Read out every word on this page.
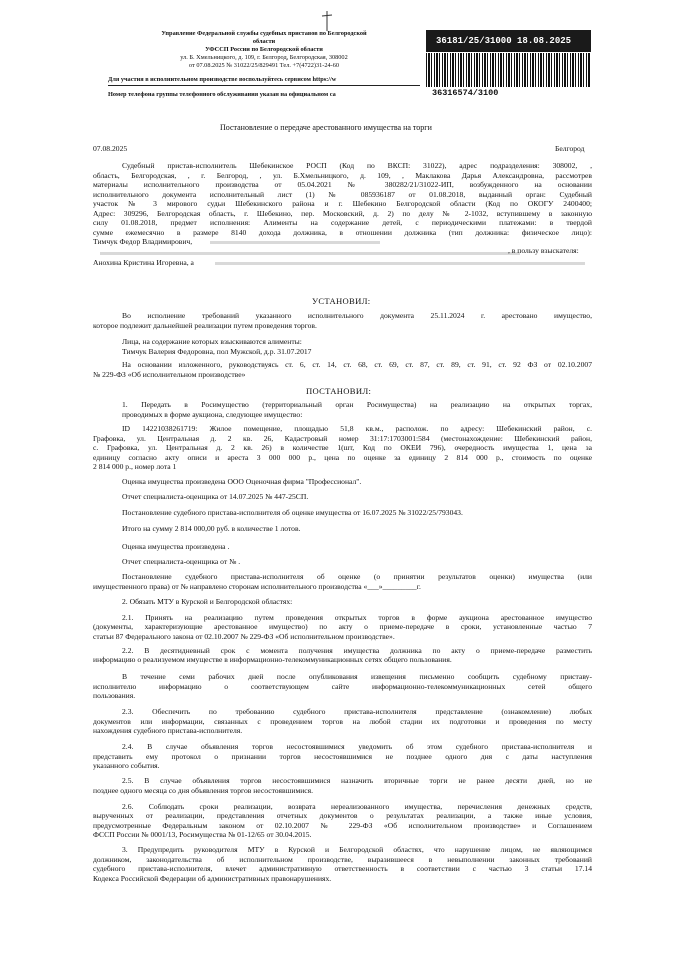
Управление Федеральной службы судебных приставов по Белгородской
области
УФССП России по Белгородской области
ул. Б. Хмельницкого, д. 109, г. Белгород, Белгородская, 308002
от 07.08.2025 № 31022/25/829491 Тел. +7(4722)31-24-60
Для участия в исполнительном производстве воспользуйтесь сервисом https://w
Номер телефона группы телефонного обслуживания указан на официальном са
36181/25/31000 18.08.2025
36316574/3100
Постановление о передаче арестованного имущества на торги
07.08.2025	Белгород
Судебный пристав-исполнитель Шебекинское РОСП (Код по ВКСП: 31022), адрес подразделения: 308002, ,
область, Белгородская, , г. Белгород, , ул. Б.Хмельницкого, д. 109, , Маклакова Дарья Александровна, рассмотрев
материалы исполнительного производства от 05.04.2021 № 380282/21/31022-ИП, возбужденного на основании
исполнительного документа исполнительный лист (1) № 085936187 от 01.08.2018, выданный орган: Судебный
участок № 3 мирового судьи Шебекинского района и г. Шебекино Белгородской области (Код по ОКОГУ 2400400;
Адрес: 309296, Белгородская область, г. Шебекино, пер. Московский, д. 2) по делу № 2-1032, вступившему в законную
силу 01.08.2018, предмет исполнения: Алименты на содержание детей, с периодическими платежами: в твердой
сумме ежемесячно в размере 8140 дохода должника, в отношении должника (тип должника: физическое лицо):
Тимчук Федор Владимирович,
, в пользу взыскателя:
Анохина Кристина Игоревна, а
УСТАНОВИЛ:
Во исполнение требований указанного исполнительного документа 25.11.2024 г. арестовано имущество,
которое подлежит дальнейшей реализации путем проведения торгов.
Лица, на содержание которых взыскиваются алименты:
Тимчук Валерия Федоровна, пол Мужской, д.р. 31.07.2017
На основании изложенного, руководствуясь ст. 6, ст. 14, ст. 68, ст. 69, ст. 87, ст. 89, ст. 91, ст. 92 ФЗ от 02.10.2007
№ 229-ФЗ «Об исполнительном производстве»
ПОСТАНОВИЛ:
1. Передать в Росимущество (территориальный орган Росимущества) на реализацию на открытых торгах,
проводимых в форме аукциона, следующее имущество:
ID 14221038261719: Жилое помещение, площадью 51,8 кв.м., располож. по адресу: Шебекинский район, с.
Графовка, ул. Центральная д. 2 кв. 26, Кадастровый номер 31:17:1703001:584 (местонахождение: Шебекинский район,
с. Графовка, ул. Центральная д. 2 кв. 26) в количестве 1(шт, Код по ОКЕИ 796), очередность имущества 1, цена за
единицу согласно акту описи и ареста 3 000 000 р., цена по оценке за единицу 2 814 000 р., стоимость по оценке
2 814 000 р., номер лота 1
Оценка имущества произведена ООО Оценочная фирма "Профессионал".
Отчет специалиста-оценщика от 14.07.2025 № 447-25СП.
Постановление судебного пристава-исполнителя об оценке имущества от 16.07.2025 № 31022/25/793043.
Итого на сумму 2 814 000,00 руб. в количестве 1 лотов.
Оценка имущества произведена .
Отчет специалиста-оценщика от № .
Постановление судебного пристава-исполнителя об оценке (о принятии результатов оценки) имущества (или
имущественного права) от № направлено сторонам исполнительного производства «___»_________г.
2. Обязать МТУ в Курской и Белгородской областях:
2.1. Принять на реализацию путем проведения открытых торгов в форме аукциона арестованное имущество
(документы, характеризующие арестованное имущество) по акту о приеме-передаче в сроки, установленные частью 7
статьи 87 Федерального закона от 02.10.2007 № 229-ФЗ «Об исполнительном производстве».
2.2. В десятидневный срок с момента получения имущества должника по акту о приеме-передаче разместить
информацию о реализуемом имуществе в информационно-телекоммуникационных сетях общего пользования.
В течение семи рабочих дней после опубликования извещения письменно сообщить судебному приставу-
исполнителю информацию о соответствующем сайте информационно-телекоммуникационных сетей общего
пользования.
2.3. Обеспечить по требованию судебного пристава-исполнителя представление (ознакомление) любых
документов или информации, связанных с проведением торгов на любой стадии их подготовки и проведения по месту
нахождения судебного пристава-исполнителя.
2.4. В случае объявления торгов несостоявшимися уведомить об этом судебного пристава-исполнителя и
представить ему протокол о признании торгов несостоявшимися не позднее одного дня с даты наступления
указанного события.
2.5. В случае объявления торгов несостоявшимися назначить вторичные торги не ранее десяти дней, но не
позднее одного месяца со дня объявления торгов несостоявшимися.
2.6. Соблюдать сроки реализации, возврата нереализованного имущества, перечисления денежных средств,
вырученных от реализации, представления отчетных документов о результатах реализации, а также иные условия,
предусмотренные Федеральным законом от 02.10.2007 № 229-ФЗ «Об исполнительном производстве» и Соглашением
ФССП России № 0001/13, Росимущества № 01-12/65 от 30.04.2015.
3. Предупредить руководителя МТУ в Курской и Белгородской областях, что нарушение лицом, не являющимся
должником, законодательства об исполнительном производстве, выразившееся в невыполнении законных требований
судебного пристава-исполнителя, влечет административную ответственность в соответствии с частью 3 статьи 17.14
Кодекса Российской Федерации об административных правонарушениях.
